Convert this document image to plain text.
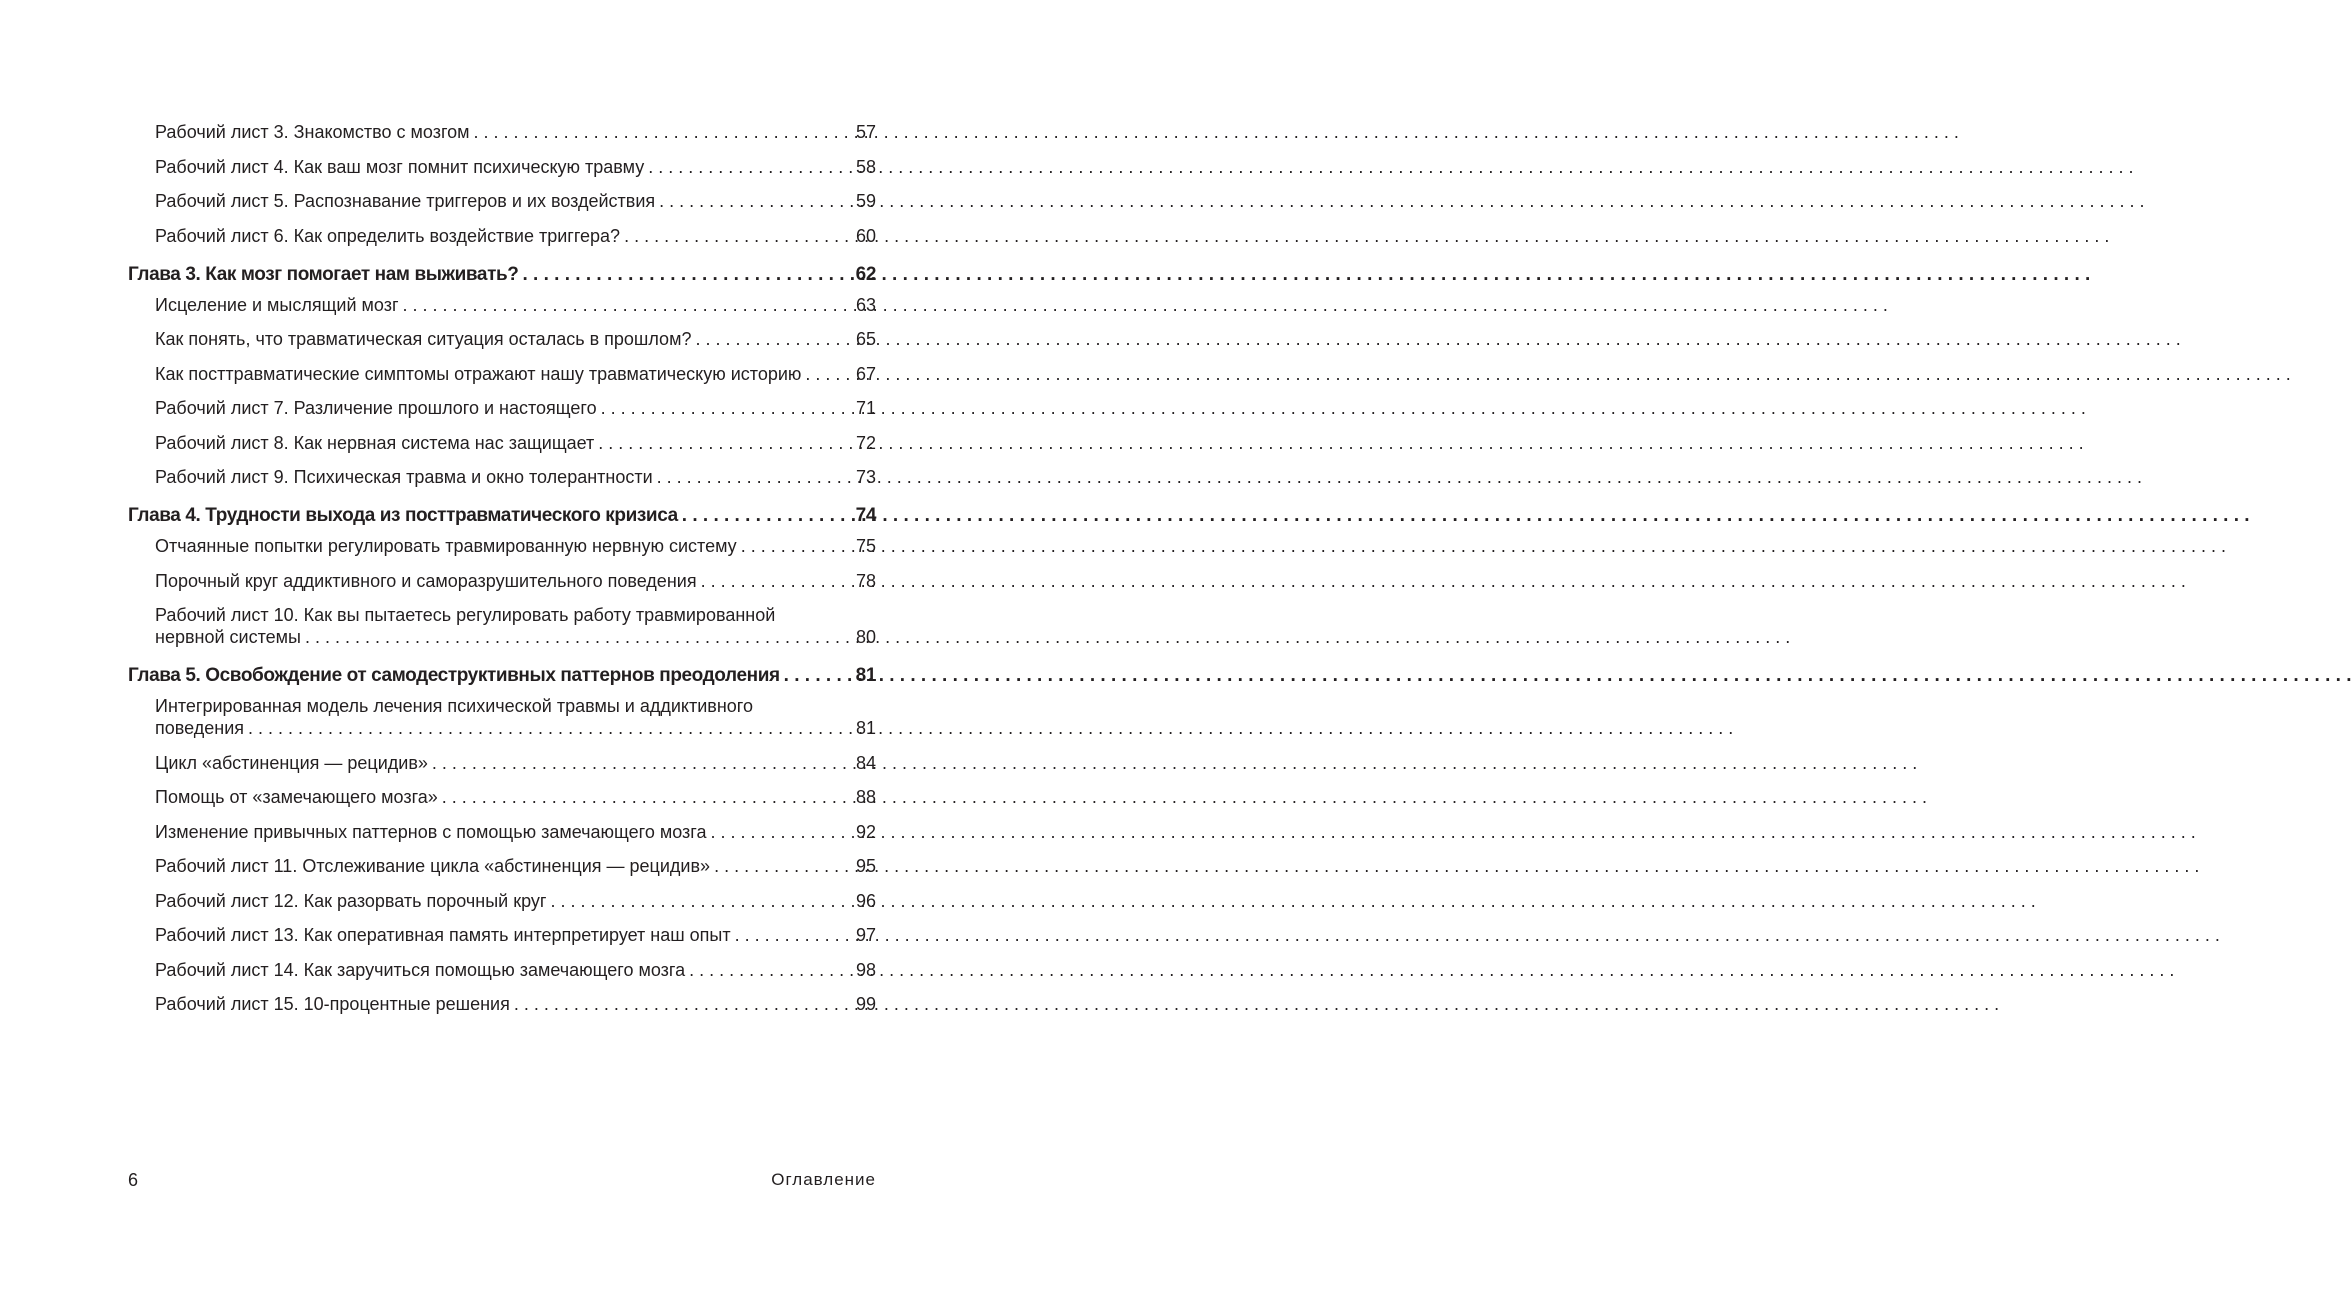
Рабочий лист 3. Знакомство с мозгом . . .	57
Рабочий лист 4. Как ваш мозг помнит психическую травму . . .	58
Рабочий лист 5. Распознавание триггеров и их воздействия . . .	59
Рабочий лист 6. Как определить воздействие триггера? . . .	60
Глава 3. Как мозг помогает нам выживать? . . .	62
Исцеление и мыслящий мозг . . .	63
Как понять, что травматическая ситуация осталась в прошлом? . . .	65
Как посттравматические симптомы отражают нашу травматическую историю . . .	67
Рабочий лист 7. Различение прошлого и настоящего . . .	71
Рабочий лист 8. Как нервная система нас защищает . . .	72
Рабочий лист 9. Психическая травма и окно толерантности . . .	73
Глава 4. Трудности выхода из посттравматического кризиса . . .	74
Отчаянные попытки регулировать травмированную нервную систему . . .	75
Порочный круг аддиктивного и саморазрушительного поведения . . .	78
Рабочий лист 10. Как вы пытаетесь регулировать работу травмированной
нервной системы . . .	80
Глава 5. Освобождение от самодеструктивных паттернов преодоления . . .	81
Интегрированная модель лечения психической травмы и аддиктивного
поведения . . .	81
Цикл «абстиненция — рецидив» . . .	84
Помощь от «замечающего мозга» . . .	88
Изменение привычных паттернов с помощью замечающего мозга . . .	92
Рабочий лист 11. Отслеживание цикла «абстиненция — рецидив» . . .	95
Рабочий лист 12. Как разорвать порочный круг . . .	96
Рабочий лист 13. Как оперативная память интерпретирует наш опыт . . .	97
Рабочий лист 14. Как заручиться помощью замечающего мозга . . .	98
Рабочий лист 15. 10-процентные решения . . .	99
6	Оглавление
